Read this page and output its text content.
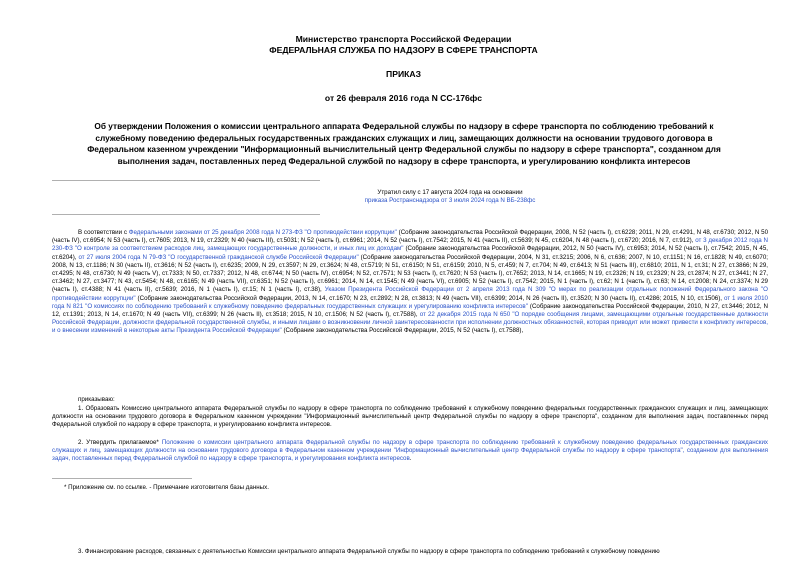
Министерство транспорта Российской Федерации
ФЕДЕРАЛЬНАЯ СЛУЖБА ПО НАДЗОРУ В СФЕРЕ ТРАНСПОРТА
ПРИКАЗ
от 26 февраля 2016 года N СС-176фс
Об утверждении Положения о комиссии центрального аппарата Федеральной службы по надзору в сфере транспорта по соблюдению требований к служебному поведению федеральных государственных гражданских служащих и лиц, замещающих должности на основании трудового договора в Федеральном казенном учреждении "Информационный вычислительный центр Федеральной службы по надзору в сфере транспорта", созданном для выполнения задач, поставленных перед Федеральной службой по надзору в сфере транспорта, и урегулированию конфликта интересов
Утратил силу с 17 августа 2024 года на основании
приказа Ространснадзора от 3 июля 2024 года N ВБ-238фс

В соответствии с Федеральными законами от 25 декабря 2008 года N 273-ФЗ "О противодействии коррупции" (Собрание законодательства Российской Федерации, 2008, N 52 (часть I), ст.6228; 2011, N 29, ст.4291, N 48, ст.6730; 2012, N 50 (часть IV), ст.6954; N 53 (часть I), ст.7605; 2013, N 19, ст.2329; N 40 (часть III), ст.5031; N 52 (часть I), ст.6961; 2014, N 52 (часть I), ст.7542; 2015, N 41 (часть II), ст.5639; N 45, ст.6204, N 48 (часть I), ст.6720; 2016, N 7, ст.912), от 3 декабря 2012 года N 230-ФЗ "О контроле за соответствием расходов лиц, замещающих государственные должности, и иных лиц их доходам" (Собрание законодательства Российской Федерации, 2012, N 50 (часть IV), ст.6953; 2014, N 52 (часть I), ст.7542; 2015, N 45, ст.6204), от 27 июля 2004 года N 79-ФЗ "О государственной гражданской службе Российской Федерации" (Собрание законодательства Российской Федерации, 2004, N 31, ст.3215; 2006, N 6, ст.636; 2007, N 10, ст.1151; N 16, ст.1828; N 49, ст.6070; 2008, N 13, ст.1186; N 30 (часть II), ст.3616; N 52 (часть I), ст.6235; 2009, N 29, ст.3597; N 29, ст.3624; N 48, ст.5719; N 51, ст.6150; N 51, ст.6159; 2010, N 5, ст.459; N 7, ст.704; N 49, ст.6413; N 51 (часть III), ст.6810; 2011, N 1, ст.31; N 27, ст.3866; N 29, ст.4295; N 48, ст.6730; N 49 (часть V), ст.7333; N 50, ст.7337; 2012, N 48, ст.6744; N 50 (часть IV), ст.6954; N 52, ст.7571; N 53 (часть I), ст.7620; N 53 (часть I), ст.7652; 2013, N 14, ст.1665; N 19, ст.2326; N 19, ст.2329; N 23, ст.2874; N 27, ст.3441; N 27, ст.3462; N 27, ст.3477; N 43, ст.5454; N 48, ст.6165; N 49 (часть VII), ст.6351; N 52 (часть I), ст.6961; 2014, N 14, ст.1545; N 49 (часть VI), ст.6905; N 52 (часть I), ст.7542; 2015, N 1 (часть I), ст.62; N 1 (часть I), ст.63; N 14, ст.2008; N 24, ст.3374; N 29 (часть I), ст.4388; N 41 (часть II), ст.5639; 2016, N 1 (часть I), ст.15; N 1 (часть I), ст.38), Указом Президента Российской Федерации от 2 апреля 2013 года N 309 "О мерах по реализации отдельных положений Федерального закона "О противодействии коррупции" (Собрание законодательства Российской Федерации, 2013, N 14, ст.1670; N 23, ст.2892; N 28, ст.3813; N 49 (часть VII), ст.6399; 2014, N 26 (часть II), ст.3520; N 30 (часть II), ст.4286; 2015, N 10, ст.1506), от 1 июля 2010 года N 821 "О комиссиях по соблюдению требований к служебному поведению федеральных государственных служащих и урегулированию конфликта интересов" (Собрание законодательства Российской Федерации, 2010, N 27, ст.3446; 2012, N 12, ст.1391; 2013, N 14, ст.1670; N 49 (часть VII), ст.6399; N 26 (часть II), ст.3518; 2015, N 10, ст.1506; N 52 (часть I), ст.7588), от 22 декабря 2015 года N 650 "О порядке сообщения лицами, замещающими отдельные государственные должности Российской Федерации, должности федеральной государственной службы, и иными лицами о возникновении личной заинтересованности при исполнении должностных обязанностей, которая приводит или может привести к конфликту интересов, и о внесении изменений в некоторые акты Президента Российской Федерации" (Собрание законодательства Российской Федерации, 2015, N 52 (часть I), ст.7588),

приказываю:

1. Образовать Комиссию центрального аппарата Федеральной службы по надзору в сфере транспорта по соблюдению требований к служебному поведению федеральных государственных гражданских служащих и лиц, замещающих должности на основании трудового договора в Федеральном казенном учреждении "Информационный вычислительный центр Федеральной службы по надзору в сфере транспорта", созданном для выполнения задач, поставленных перед Федеральной службой по надзору в сфере транспорта, и урегулированию конфликта интересов.

2. Утвердить прилагаемое* Положение о комиссии центрального аппарата Федеральной службы по надзору в сфере транспорта по соблюдению требований к служебному поведению федеральных государственных гражданских служащих и лиц, замещающих должности на основании трудового договора в Федеральном казенном учреждении "Информационный вычислительный центр Федеральной службы по надзору в сфере транспорта", созданном для выполнения задач, поставленных перед Федеральной службой по надзору в сфере транспорта, и урегулирования конфликта интересов.

* Приложение см. по ссылке. - Примечание изготовителя базы данных.

3. Финансирование расходов, связанных с деятельностью Комиссии центрального аппарата Федеральной службы по надзору в сфере транспорта по соблюдению требований к служебному поведению
